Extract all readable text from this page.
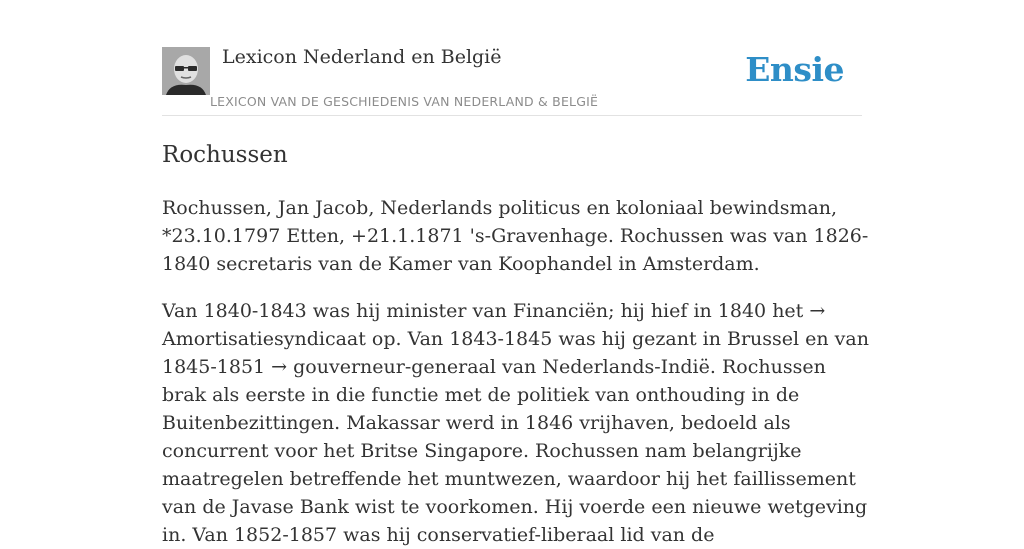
Lexicon Nederland en België
LEXICON VAN DE GESCHIEDENIS VAN NEDERLAND & BELGIË
Ensie
Rochussen

Rochussen, Jan Jacob, Nederlands politicus en koloniaal bewindsman, *23.10.1797 Etten, +21.1.1871 's-Gravenhage. Rochussen was van 1826-1840 secretaris van de Kamer van Koophandel in Amsterdam.

Van 1840-1843 was hij minister van Financiën; hij hief in 1840 het → Amortisatiesyndicaat op. Van 1843-1845 was hij gezant in Brussel en van 1845-1851 → gouverneur-generaal van Nederlands-Indië. Rochussen brak als eerste in die functie met de politiek van onthouding in de Buitenbezittingen. Makassar werd in 1846 vrijhaven, bedoeld als concurrent voor het Britse Singapore. Rochussen nam belangrijke maatregelen betreffende het muntwezen, waardoor hij het faillissement van de Javase Bank wist te voorkomen. Hij voerde een nieuwe wetgeving in. Van 1852-1857 was hij conservatief-liberaal lid van de
